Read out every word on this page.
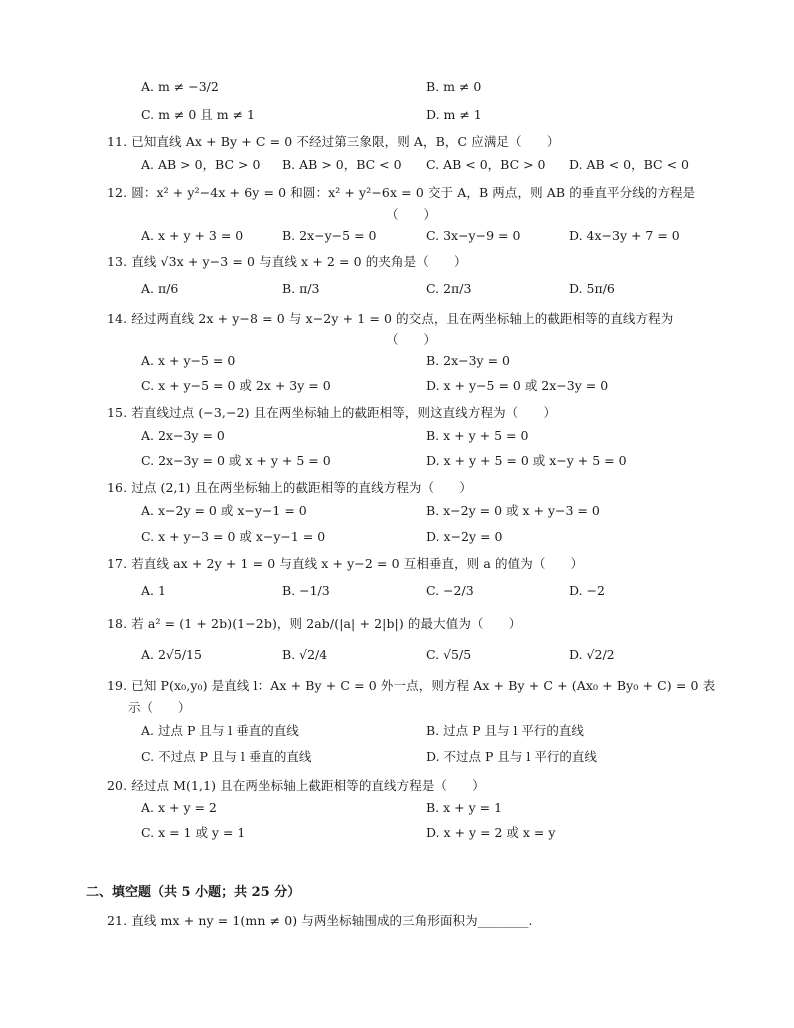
A. m ≠ −3/2	B. m ≠ 0
C. m ≠ 0 且 m ≠ 1	D. m ≠ 1
11. 已知直线 Ax + By + C = 0 不经过第三象限，则 A，B，C 应满足（　　）
A. AB > 0，BC > 0 B. AB > 0，BC < 0 C. AB < 0，BC > 0 D. AB < 0，BC < 0
12. 圆：x² + y²−4x + 6y = 0 和圆：x² + y²−6x = 0 交于 A，B 两点，则 AB 的垂直平分线的方程是
（　　）
A. x + y + 3 = 0	B. 2x−y−5 = 0	C. 3x−y−9 = 0	D. 4x−3y + 7 = 0
13. 直线 √3x + y−3 = 0 与直线 x + 2 = 0 的夹角是（　　）
A. π/6	B. π/3	C. 2π/3	D. 5π/6
14. 经过两直线 2x + y−8 = 0 与 x−2y + 1 = 0 的交点，且在两坐标轴上的截距相等的直线方程为
（　　）
A. x + y−5 = 0	B. 2x−3y = 0
C. x + y−5 = 0 或 2x + 3y = 0	D. x + y−5 = 0 或 2x−3y = 0
15. 若直线过点 (−3,−2) 且在两坐标轴上的截距相等，则这直线方程为（　　）
A. 2x−3y = 0	B. x + y + 5 = 0
C. 2x−3y = 0 或 x + y + 5 = 0	D. x + y + 5 = 0 或 x−y + 5 = 0
16. 过点 (2,1) 且在两坐标轴上的截距相等的直线方程为（　　）
A. x−2y = 0 或 x−y−1 = 0	B. x−2y = 0 或 x + y−3 = 0
C. x + y−3 = 0 或 x−y−1 = 0	D. x−2y = 0
17. 若直线 ax + 2y + 1 = 0 与直线 x + y−2 = 0 互相垂直，则 a 的值为（　　）
A. 1	B. −1/3	C. −2/3	D. −2
18. 若 a² = (1 + 2b)(1−2b)，则 2ab/(|a| + 2|b|) 的最大值为（　　）
A. 2√5/15	B. √2/4	C. √5/5	D. √2/2
19. 已知 P(x₀,y₀) 是直线 l：Ax + By + C = 0 外一点，则方程 Ax + By + C + (Ax₀ + By₀ + C) = 0 表
示（　　）
A. 过点 P 且与 l 垂直的直线	B. 过点 P 且与 l 平行的直线
C. 不过点 P 且与 l 垂直的直线	D. 不过点 P 且与 l 平行的直线
20. 经过点 M(1,1) 且在两坐标轴上截距相等的直线方程是（　　）
A. x + y = 2	B. x + y = 1
C. x = 1 或 y = 1	D. x + y = 2 或 x = y
二、填空题（共 5 小题；共 25 分）
21. 直线 mx + ny = 1(mn ≠ 0) 与两坐标轴围成的三角形面积为________.
